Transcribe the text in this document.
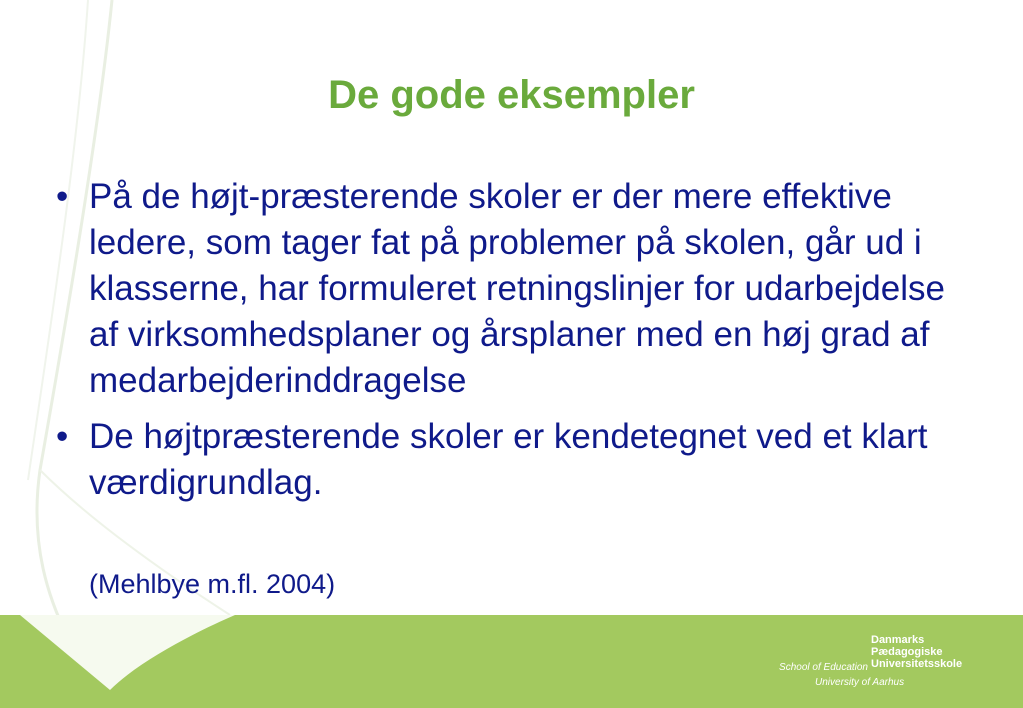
De gode eksempler
• På de højt-præsterende skoler er der mere effektive ledere, som tager fat på problemer på skolen, går ud i klasserne, har formuleret retningslinjer for udarbejdelse af virksomhedsplaner og årsplaner med en høj grad af medarbejderinddragelse
• De højtpræsterende skoler er kendetegnet ved et klart værdigrundlag.
(Mehlbye m.fl. 2004)
School of Education
University of Aarhus
Danmarks
Pædagogiske
Universitetsskole
